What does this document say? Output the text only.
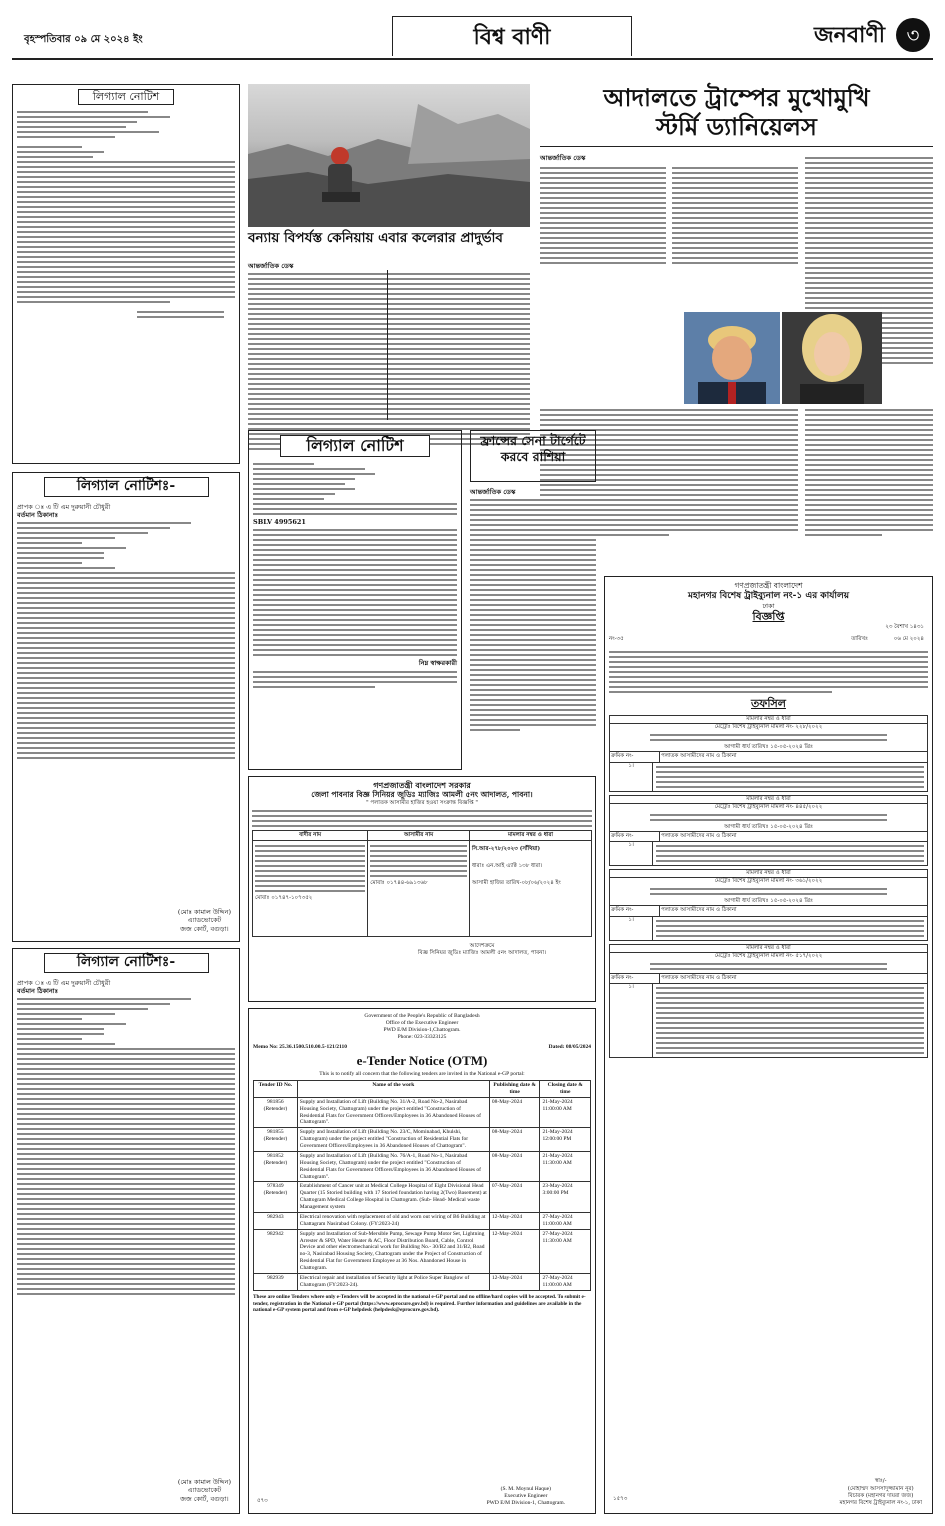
বৃহস্পতিবার ০৯ মে ২০২৪ ইং	বিশ্ব বাণী	জনবাণী	৩
লিগ্যাল নোটিশ
লিগ্যাল নোটিশঃ-
প্রাপক ঃ এ টি এম দুরুয়ানী চৌধুরী
বর্তমান ঠিকানাঃ
(মোঃ কামাল উদ্দিন)
এ্যাডভোকেট
জজ কোর্ট, বগুড়া।
লিগ্যাল নোটিশঃ-
প্রাপক ঃ এ টি এম দুরুয়ানী চৌধুরী
বর্তমান ঠিকানাঃ
(মোঃ কামাল উদ্দিন)
এ্যাডভোকেট
জজ কোর্ট, বগুড়া।
বন্যায় বিপর্যস্ত কেনিয়ায় এবার কলেরার প্রাদুর্ভাব
আন্তর্জাতিক ডেস্ক
আদালতে ট্রাম্পের মুখোমুখি
স্টর্মি ড্যানিয়েলস
আন্তর্জাতিক ডেস্ক
লিগ্যাল নোটিশ
SBLV 4995621
নিম্ন স্বাক্ষরকারী
ফ্রান্সের সেনা টার্গেটে করবে রাশিয়া
আন্তর্জাতিক ডেস্ক
গণপ্রজাতন্ত্রী বাংলাদেশ সরকার
জেলা পাবনার বিজ্ঞ সিনিয়র জুডিঃ ম্যাজিঃ আমলী ৫নং আদালত, পাবনা।
" পলাতক আসামীর হাজির হওয়া সংক্রান্ত বিজ্ঞপ্তি "
বাদীর নাম	আসামীর নাম	মামলার নম্বর ও ধারা

মোবাঃ ০১৭৪৭-১০৭৩৫২	মোবাঃ ০১৭৪৪-৬৯১৩৬৮	সি.আর-২৭৮/২০২৩ (সাঁথিয়া)
ধারাঃ এন.আই এ্যাক্ট ১৩৮ ধারা।
আসামী হাজির তারিখ-০৮/০৬/২০২৪ ইং
আদেশক্রমে
বিজ্ঞ সিনিয়র জুডিঃ ম্যাজিঃ আমলী ৫নং আদালত, পাবনা।
Government of the People's Republic of Bangladesh
Office of the Executive Engineer
PWD E/M Division-1,Chattogram.
Phone: 023-33323125
Memo No: 25.36.1500.510.00.5-121/2110	Dated: 08/05/2024
e-Tender Notice (OTM)
This is to notify all concern that the following tenders are invited in the National e-GP portal:
Tender ID No.	Name of the work	Publishing date & time	Closing date & time
981856 (Retender)	Supply and Installation of Lift (Building No. 31/A-2, Road No-2, Nasirabad Housing Society, Chattogram) under the project entitled "Construction of Residential Flats for Government Officers/Employees in 36 Abandoned Houses of Chattogram".	08-May-2024	21-May-2024 11:00:00 AM
981855 (Retender)	Supply and Installation of Lift (Building No. 23/C, Mominabad, Khulshi, Chattogram) under the project entitled "Construction of Residential Flats for Government Officers/Employees in 36 Abandoned Houses of Chattogram".	08-May-2024	21-May-2024 12:00:00 PM
981852 (Retender)	Supply and Installation of Lift (Building No. 76/A-1, Road No-1, Nasirabad Housing Society, Chattogram) under the project entitled "Construction of Residential Flats for Government Officers/Employees in 36 Abandoned Houses of Chattogram".	08-May-2024	21-May-2024 11:30:00 AM
978349 (Retender)	Establishment of Cancer unit at Medical College Hospital of Eight Divisional Head Quarter (15 Storied building with 17 Storied foundation having 2(Two) Basement) at Chattogram Medical College Hospital in Chattogram. (Sub- Head- Medical waste Management system	07-May-2024	23-May-2024 3:00:00 PM
982943	Electrical renovation with replacement of old and worn out wiring of B6 Building at Chattagram Nasirabad Colony. (FY:2023-24)	12-May-2024	27-May-2024 11:00:00 AM
982942	Supply and Installation of Sub-Mersible Pump, Sewage Pump Motor Set, Lightning Arrester & SPD, Water Heater & AC, Floor Distribution Board, Cable, Control Device and other electromechanical work for Building No.- 30/B2 and 31/B2, Road no-3, Nasirabad Housing Society, Chattogram under the Project of Construction of Residential Flat for Government Employee at 36 Nos. Abandoned House in Chattogram.	12-May-2024	27-May-2024 11:30:00 AM
982939	Electrical repair and installation of Security light at Police Super Banglow of Chattogram (FY:2023-24).	12-May-2024	27-May-2024 11:00:00 AM
These are online Tenders where only e-Tenders will be accepted in the national e-GP portal and no offline/hard copies will be accepted. To submit e-tender, registration in the National e-GP portal (https://www.eprocure.gov.bd) is required. Further information and guidelines are available in the national e-GP system portal and from e-GP helpdesk (helpdesk@eprocure.gov.bd).
৫৭৩
(S. M. Moynul Haque)
Executive Engineer
PWD E/M Division-1, Chattogram.
গণপ্রজাতন্ত্রী বাংলাদেশ
মহানগর বিশেষ ট্রাইব্যুনাল নং-১ এর কার্যালয়
ঢাকা
বিজ্ঞপ্তি
নং-৩৫
২৩ বৈশাখ ১৪৩১
তারিখঃ	০৬ মে ২০২৪
তফসিল
মামলার নম্বর ও ধারা
মেট্রোঃ বিশেষ ট্রাইব্যুনাল মামলা নং- ২২৮/২০২২
আগামী ধার্য তারিখঃ ১৫-০৫-২০২৪ খ্রিঃ
ক্রমিক নং-	পলাতক আসামীদের নাম ও ঠিকানা
১।
মামলার নম্বর ও ধারা
মেট্রোঃ বিশেষ ট্রাইব্যুনাল মামলা নং- ৪৪৫/২০২২
আগামী ধার্য তারিখঃ ১৫-০৫-২০২৪ খ্রিঃ
ক্রমিক নং-	পলাতক আসামীদের নাম ও ঠিকানা
১।
মামলার নম্বর ও ধারা
মেট্রোঃ বিশেষ ট্রাইব্যুনাল মামলা নং- ৩৬১/২০২২
আগামী ধার্য তারিখঃ ১৫-০৫-২০২৪ খ্রিঃ
ক্রমিক নং-	পলাতক আসামীদের নাম ও ঠিকানা
১।
মামলার নম্বর ও ধারা
মেট্রোঃ বিশেষ ট্রাইব্যুনাল মামলা নং- ৫১৭/২০২২
ক্রমিক নং-	পলাতক আসামীদের নাম ও ঠিকানা
১।
১৫৭৩
স্বাঃ/-
(মোহাম্মদ আসসাদুজ্জামান নূর)
বিচারক (মহানগর দায়রা জজ)
মহানগর বিশেষ ট্রাইব্যুনাল নং-১, ঢাকা
